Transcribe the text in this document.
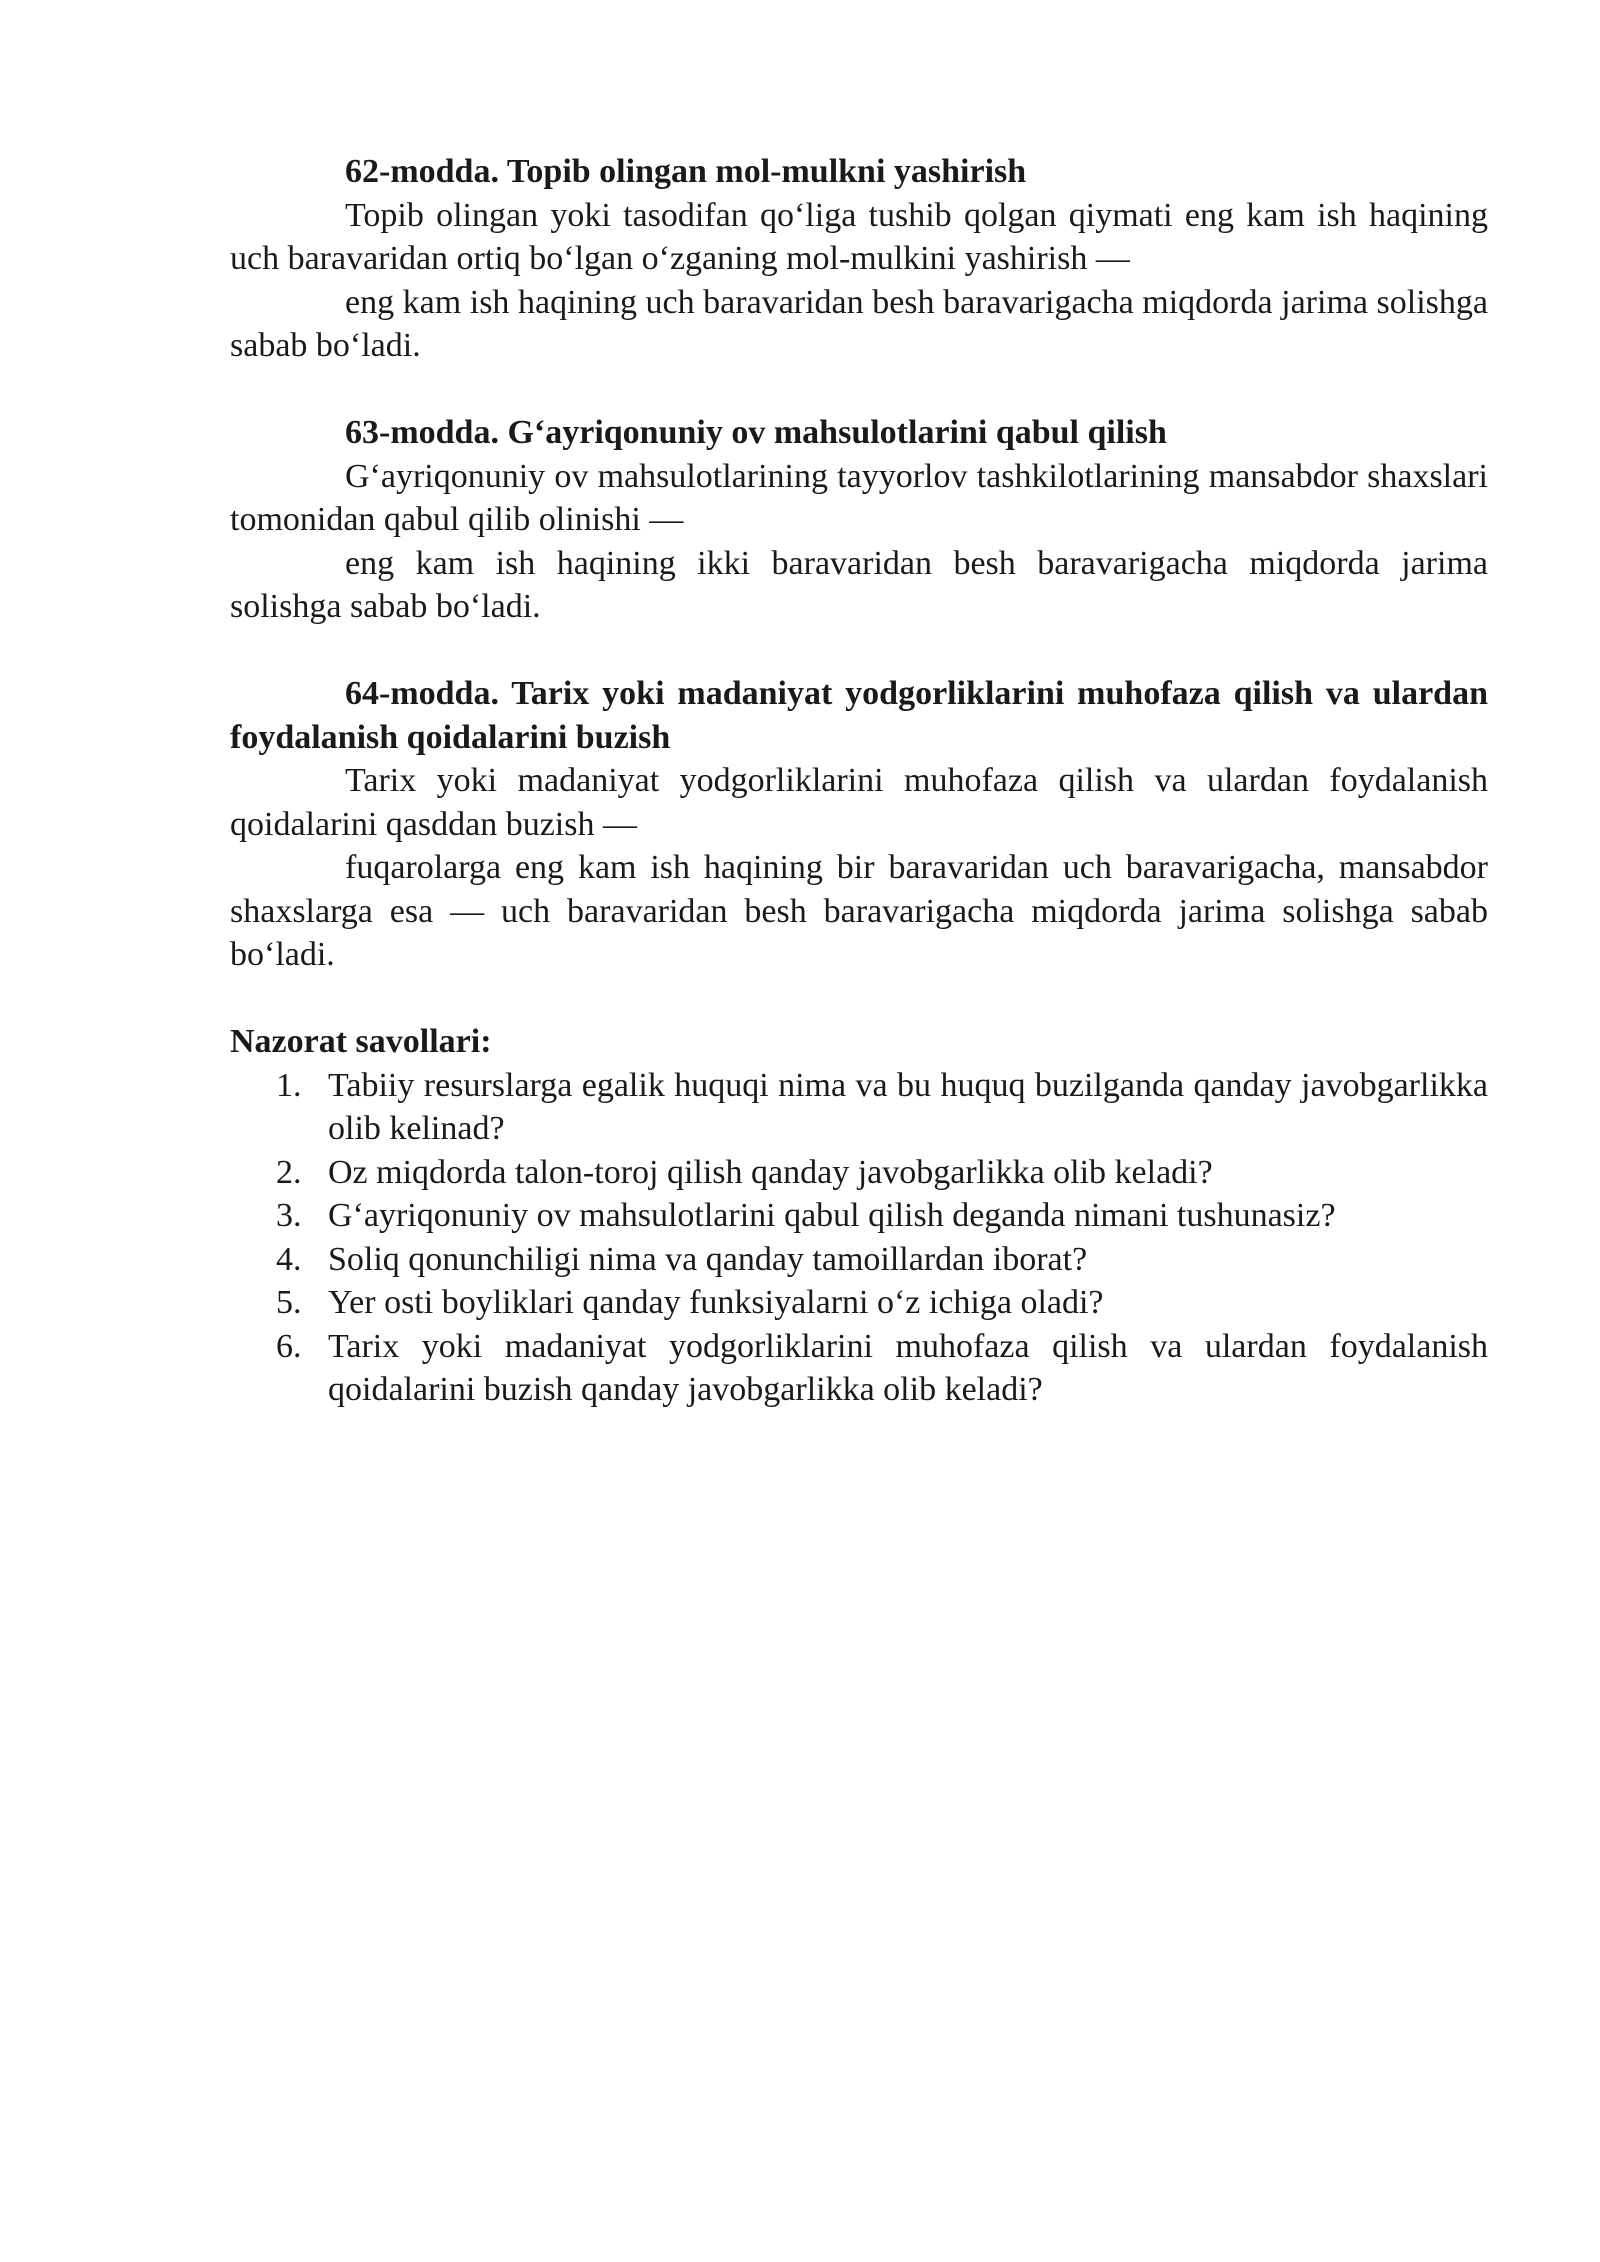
62-modda. Topib olingan mol-mulkni yashirish

Topib olingan yoki tasodifan qo‘liga tushib qolgan qiymati eng kam ish haqining uch baravaridan ortiq bo‘lgan o‘zganing mol-mulkini yashirish —

eng kam ish haqining uch baravaridan besh baravarigacha miqdorda jarima solishga sabab bo‘ladi.

63-modda. G‘ayriqonuniy ov mahsulotlarini qabul qilish

G‘ayriqonuniy ov mahsulotlarining tayyorlov tashkilotlarining mansabdor shaxslari tomonidan qabul qilib olinishi —

eng kam ish haqining ikki baravaridan besh baravarigacha miqdorda jarima solishga sabab bo‘ladi.

64-modda. Tarix yoki madaniyat yodgorliklarini muhofaza qilish va ulardan foydalanish qoidalarini buzish

Tarix yoki madaniyat yodgorliklarini muhofaza qilish va ulardan foydalanish qoidalarini qasddan buzish —

fuqarolarga eng kam ish haqining bir baravaridan uch baravarigacha, mansabdor shaxslarga esa — uch baravaridan besh baravarigacha miqdorda jarima solishga sabab bo‘ladi.

Nazorat savollari:

1. Tabiiy resurslarga egalik huquqi nima va bu huquq buzilganda qanday javobgarlikka olib kelinad?
2. Oz miqdorda talon-toroj qilish qanday javobgarlikka olib keladi?
3. G‘ayriqonuniy ov mahsulotlarini qabul qilish deganda nimani tushunasiz?
4. Soliq qonunchiligi nima va qanday tamoillardan iborat?
5. Yer osti boyliklari qanday funksiyalarni o‘z ichiga oladi?
6. Tarix yoki madaniyat yodgorliklarini muhofaza qilish va ulardan foydalanish qoidalarini buzish qanday javobgarlikka olib keladi?
